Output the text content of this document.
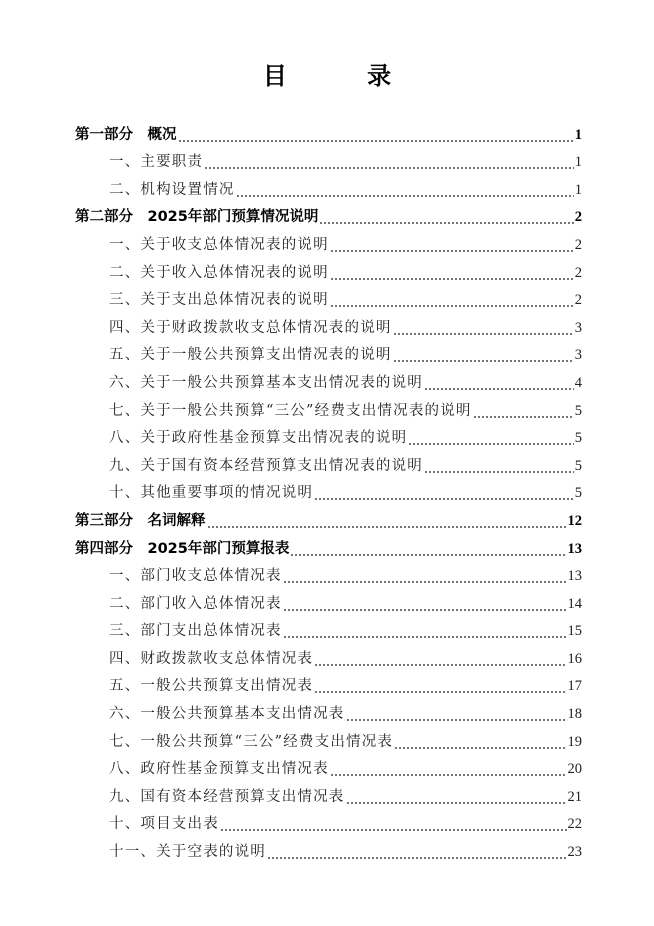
目 录
第一部分　概况	1
一、主要职责	1
二、机构设置情况	1
第二部分　2025年部门预算情况说明	2
一、关于收支总体情况表的说明	2
二、关于收入总体情况表的说明	2
三、关于支出总体情况表的说明	2
四、关于财政拨款收支总体情况表的说明	3
五、关于一般公共预算支出情况表的说明	3
六、关于一般公共预算基本支出情况表的说明	4
七、关于一般公共预算“三公”经费支出情况表的说明	5
八、关于政府性基金预算支出情况表的说明	5
九、关于国有资本经营预算支出情况表的说明	5
十、其他重要事项的情况说明	5
第三部分　名词解释	12
第四部分　2025年部门预算报表	13
一、部门收支总体情况表	13
二、部门收入总体情况表	14
三、部门支出总体情况表	15
四、财政拨款收支总体情况表	16
五、一般公共预算支出情况表	17
六、一般公共预算基本支出情况表	18
七、一般公共预算“三公”经费支出情况表	19
八、政府性基金预算支出情况表	20
九、国有资本经营预算支出情况表	21
十、项目支出表	22
十一、关于空表的说明	23
